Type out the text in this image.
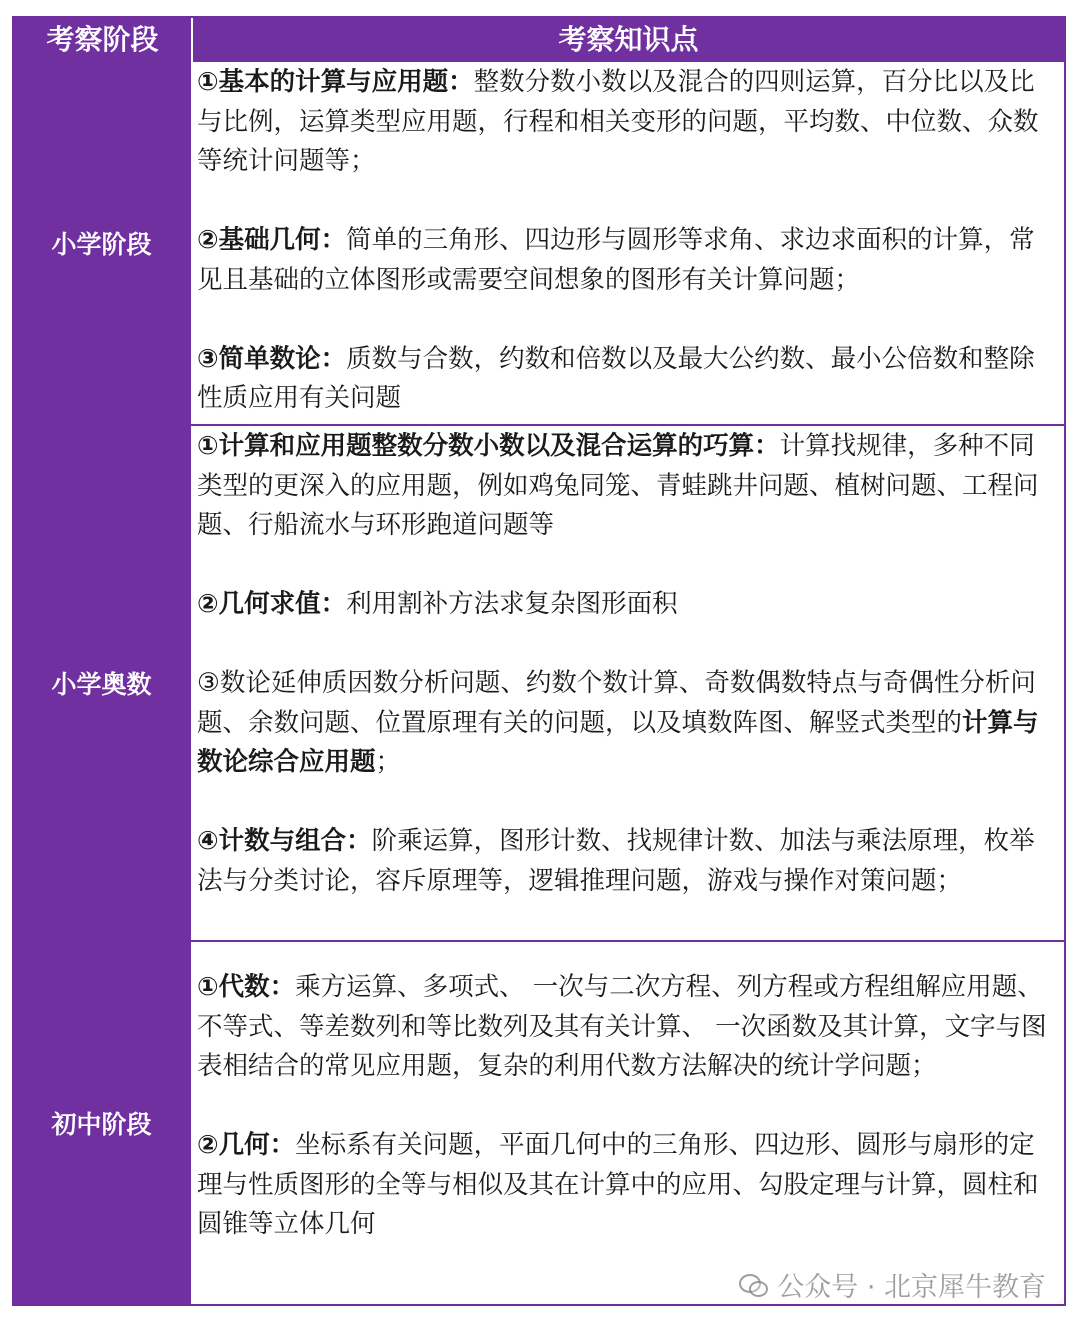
考察阶段	考察知识点
小学阶段

①基本的计算与应用题：整数分数小数以及混合的四则运算，百分比以及比与比例，运算类型应用题，行程和相关变形的问题，平均数、中位数、众数等统计问题等；

②基础几何：简单的三角形、四边形与圆形等求角、求边求面积的计算，常见且基础的立体图形或需要空间想象的图形有关计算问题；

③简单数论：质数与合数，约数和倍数以及最大公约数、最小公倍数和整除性质应用有关问题

小学奥数

①计算和应用题整数分数小数以及混合运算的巧算：计算找规律，多种不同类型的更深入的应用题，例如鸡兔同笼、青蛙跳井问题、植树问题、工程问题、行船流水与环形跑道问题等

②几何求值：利用割补方法求复杂图形面积

③数论延伸质因数分析问题、约数个数计算、奇数偶数特点与奇偶性分析问题、余数问题、位置原理有关的问题，以及填数阵图、解竖式类型的计算与数论综合应用题；

④计数与组合：阶乘运算，图形计数、找规律计数、加法与乘法原理，枚举法与分类讨论，容斥原理等，逻辑推理问题，游戏与操作对策问题；

初中阶段

①代数：乘方运算、多项式、 一次与二次方程、列方程或方程组解应用题、不等式、等差数列和等比数列及其有关计算、 一次函数及其计算，文字与图表相结合的常见应用题，复杂的利用代数方法解决的统计学问题；

②几何：坐标系有关问题，平面几何中的三角形、四边形、圆形与扇形的定理与性质图形的全等与相似及其在计算中的应用、勾股定理与计算，圆柱和圆锥等立体几何

公众号 · 北京犀牛教育
